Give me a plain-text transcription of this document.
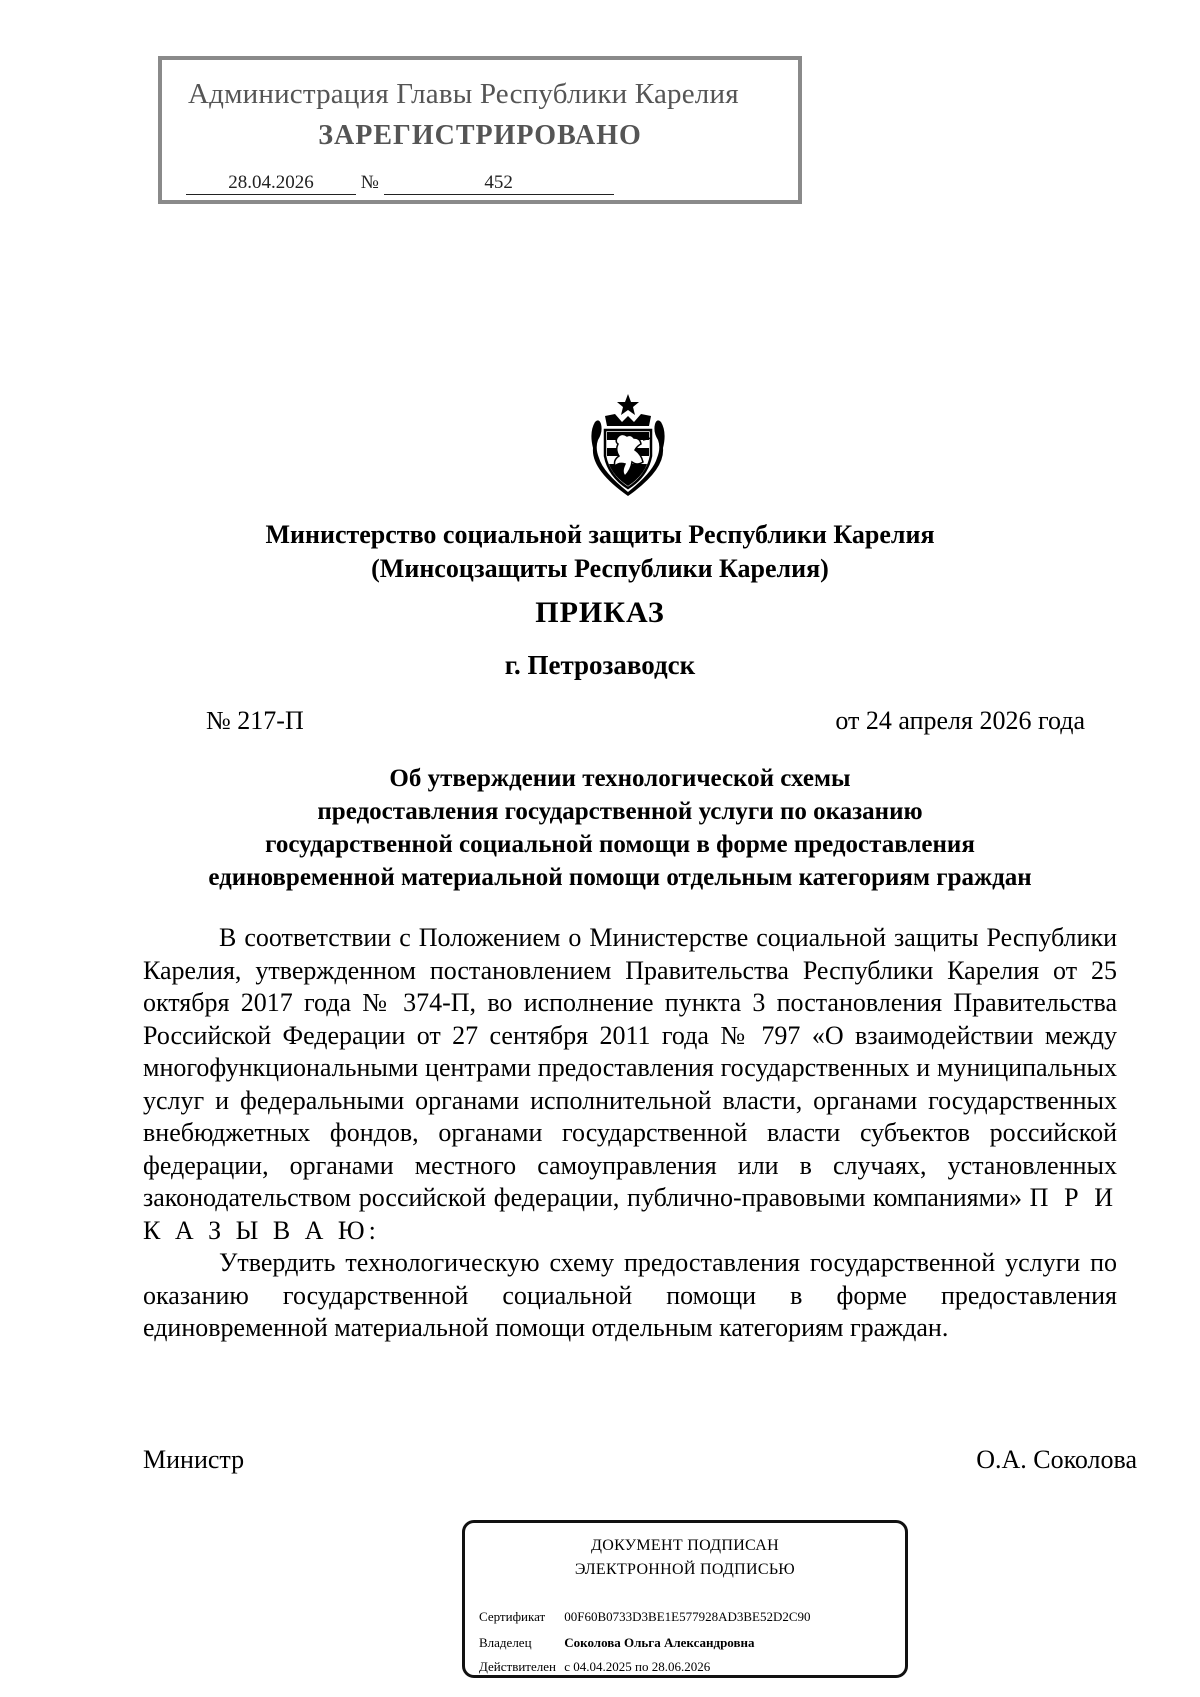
Администрация Главы Республики Карелия
ЗАРЕГИСТРИРОВАНО
28.04.2026 №	452
Министерство социальной защиты Республики Карелия
(Минсоцзащиты Республики Карелия)
ПРИКАЗ
г. Петрозаводск
№ 217-П	от 24 апреля 2026 года
Об утверждении технологической схемы
предоставления государственной услуги по оказанию
государственной социальной помощи в форме предоставления
единовременной материальной помощи отдельным категориям граждан

В соответствии с Положением о Министерстве социальной защиты Республики Карелия, утвержденном постановлением Правительства Республики Карелия от 25 октября 2017 года № 374-П, во исполнение пункта 3 постановления Правительства Российской Федерации от 27 сентября 2011 года № 797 «О взаимодействии между многофункциональными центрами предоставления государственных и муниципальных услуг и федеральными органами исполнительной власти, органами государственных внебюджетных фондов, органами государственной власти субъектов российской федерации, органами местного самоуправления или в случаях, установленных законодательством российской федерации, публично-правовыми компаниями» П Р И К А З Ы В А Ю:

Утвердить технологическую схему предоставления государственной услуги по оказанию государственной социальной помощи в форме предоставления единовременной материальной помощи отдельным категориям граждан.

Министр	О.А. Соколова
ДОКУМЕНТ ПОДПИСАН
ЭЛЕКТРОННОЙ ПОДПИСЬЮ
Сертификат 00F60B0733D3BE1E577928AD3BE52D2C90
Владелец	Соколова Ольга Александровна
Действителен с 04.04.2025 по 28.06.2026
